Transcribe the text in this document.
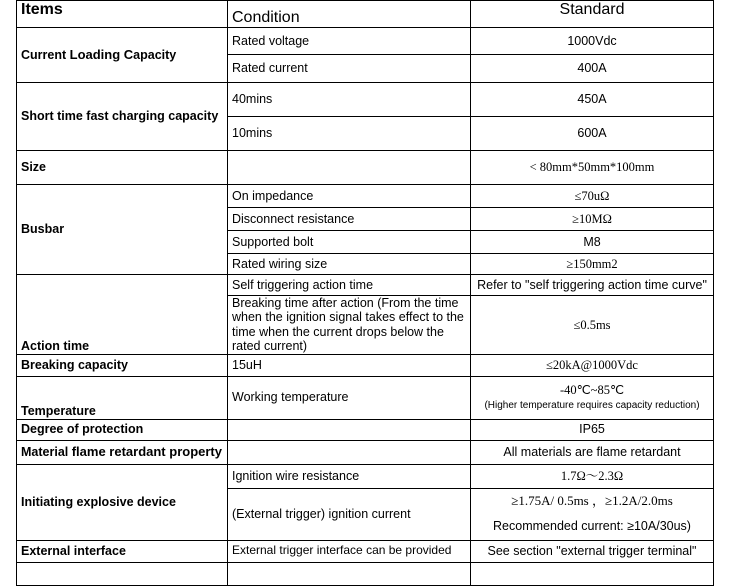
Items	Condition	Standard
Current Loading Capacity	Rated voltage	1000Vdc
	Rated current	400A
Short time fast charging capacity	40mins	450A
	10mins	600A
Size		< 80mm*50mm*100mm
Busbar	On impedance	≤70uΩ
	Disconnect resistance	≥10MΩ
	Supported bolt	M8
	Rated wiring size	≥150mm2
Action time	Self triggering action time	Refer to "self triggering action time curve"
	Breaking time after action (From the time when the ignition signal takes effect to the time when the current drops below the rated current)	≤0.5ms
Breaking capacity	15uH	≤20kA@1000Vdc
Temperature	Working temperature	-40℃~85℃
(Higher temperature requires capacity reduction)

Degree of protection		IP65
Material flame retardant property		All materials are flame retardant
Initiating explosive device	Ignition wire resistance	1.7Ω～2.3Ω
	(External trigger) ignition current	≥1.75A/ 0.5ms ，≥1.2A/2.0ms
Recommended current: ≥10A/30us)

External interface	External trigger interface can be provided	See section "external trigger terminal"
